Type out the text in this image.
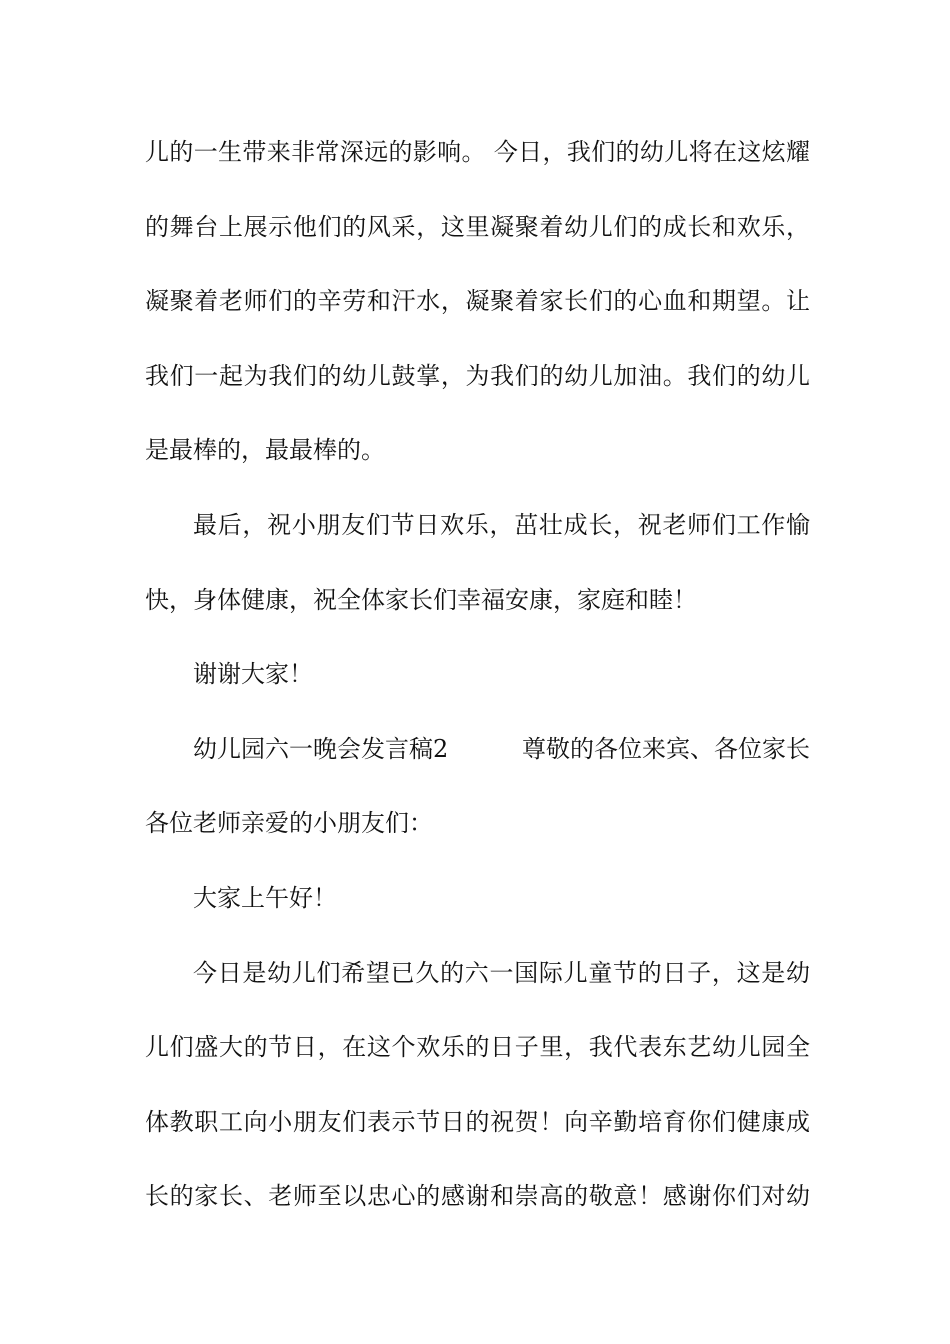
儿的一生带来非常深远的影响。 今日，我们的幼儿将在这炫耀
的舞台上展示他们的风采，这里凝聚着幼儿们的成长和欢乐，
凝聚着老师们的辛劳和汗水，凝聚着家长们的心血和期望。让
我们一起为我们的幼儿鼓掌，为我们的幼儿加油。我们的幼儿
是最棒的，最最棒的。
最后，祝小朋友们节日欢乐，茁壮成长，祝老师们工作愉
快，身体健康，祝全体家长们幸福安康，家庭和睦！
谢谢大家！
幼儿园六一晚会发言稿2	尊敬的各位来宾、各位家长
各位老师亲爱的小朋友们：
大家上午好！
今日是幼儿们希望已久的六一国际儿童节的日子，这是幼
儿们盛大的节日，在这个欢乐的日子里，我代表东艺幼儿园全
体教职工向小朋友们表示节日的祝贺！向辛勤培育你们健康成
长的家长、老师至以忠心的感谢和崇高的敬意！感谢你们对幼
